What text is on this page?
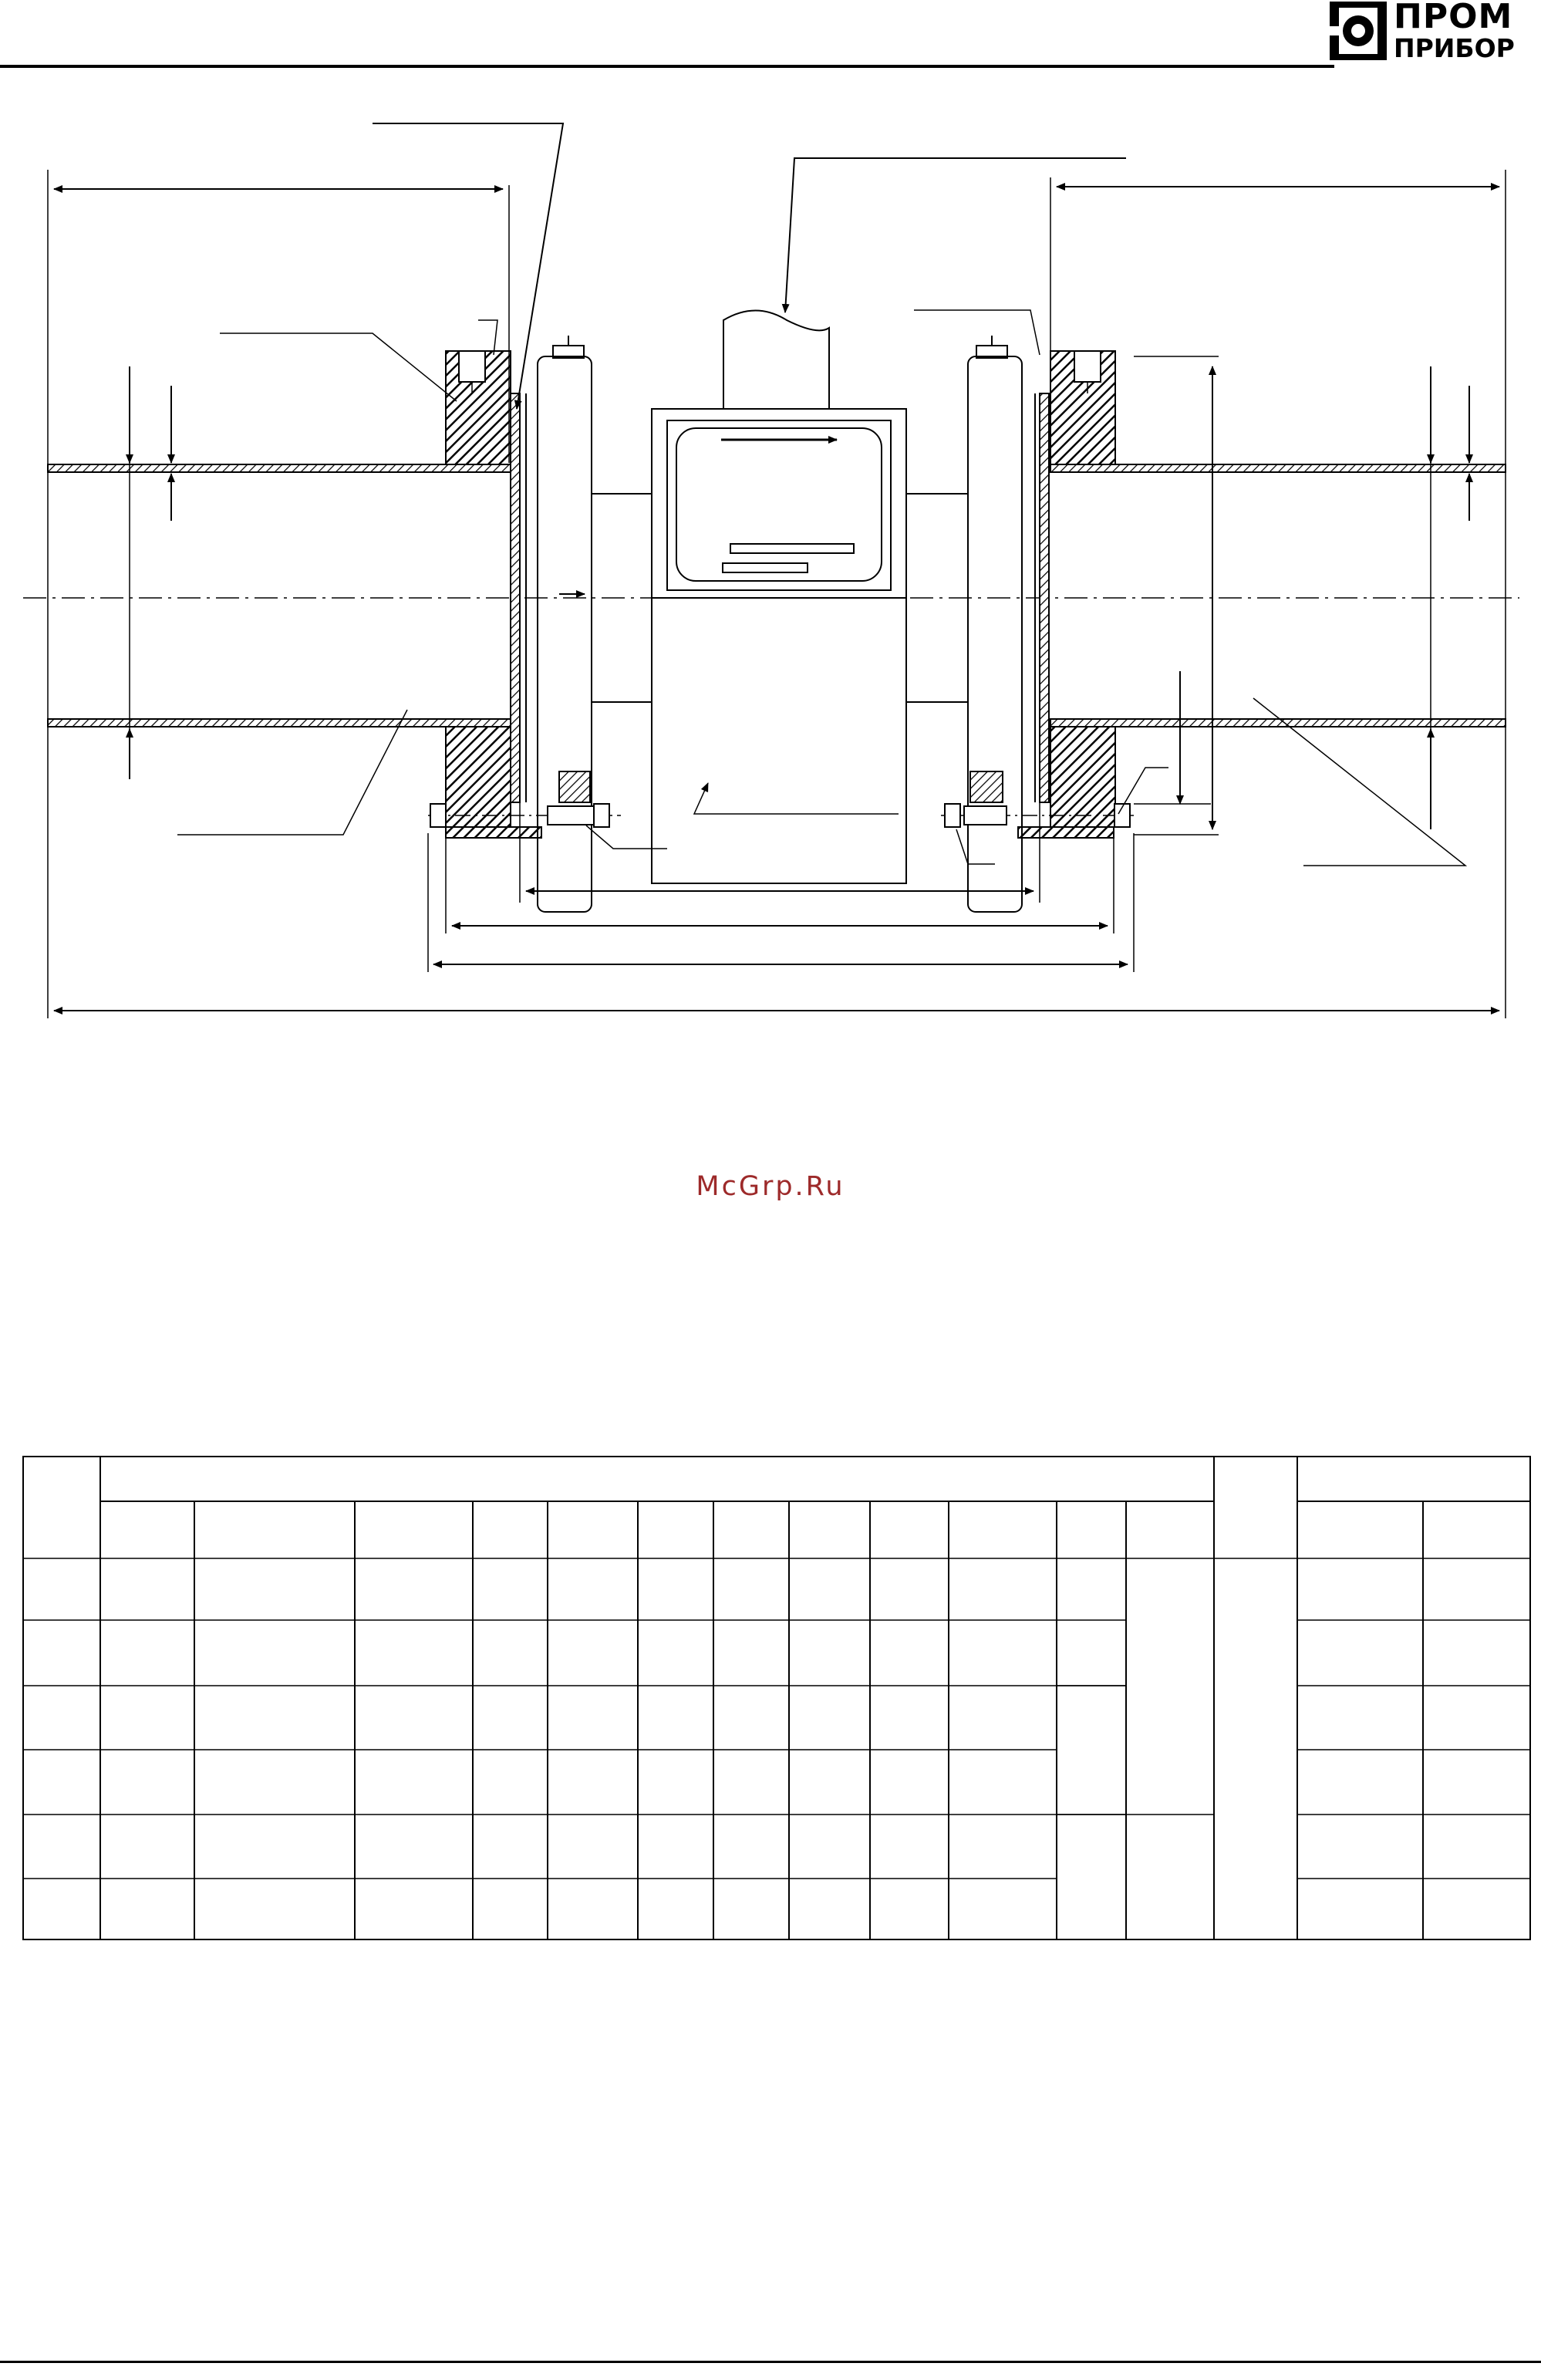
ПРОМ
ПРИБОР
McGrp.Ru
